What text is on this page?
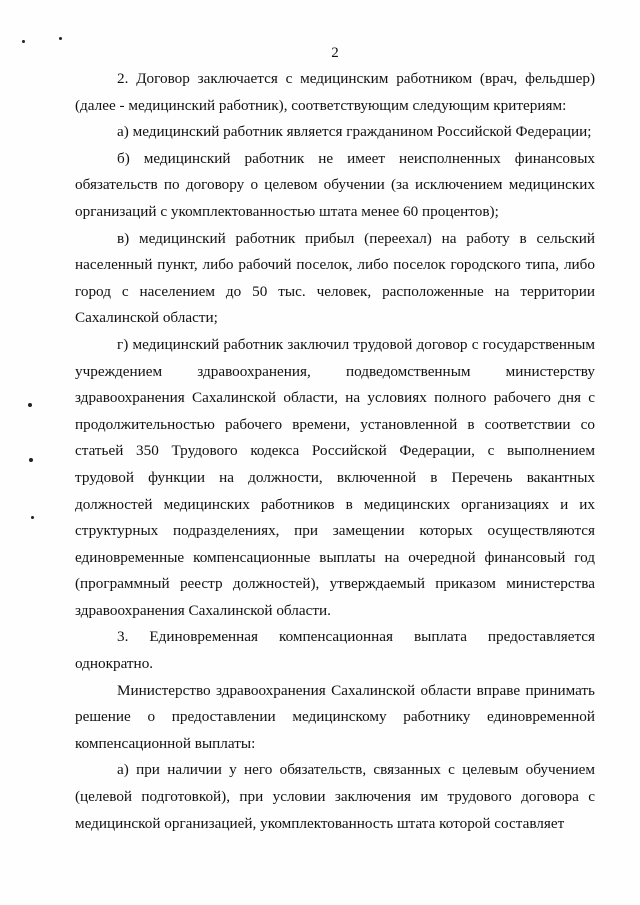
2

2. Договор заключается с медицинским работником (врач, фельдшер) (далее - медицинский работник), соответствующим следующим критериям:

а) медицинский работник является гражданином Российской Федерации;

б) медицинский работник не имеет неисполненных финансовых обязательств по договору о целевом обучении (за исключением медицинских организаций с укомплектованностью штата менее 60 процентов);

в) медицинский работник прибыл (переехал) на работу в сельский населенный пункт, либо рабочий поселок, либо поселок городского типа, либо город с населением до 50 тыс. человек, расположенные на территории Сахалинской области;

г) медицинский работник заключил трудовой договор с государственным учреждением здравоохранения, подведомственным министерству здравоохранения Сахалинской области, на условиях полного рабочего дня с продолжительностью рабочего времени, установленной в соответствии со статьей 350 Трудового кодекса Российской Федерации, с выполнением трудовой функции на должности, включенной в Перечень вакантных должностей медицинских работников в медицинских организациях и их структурных подразделениях, при замещении которых осуществляются единовременные компенсационные выплаты на очередной финансовый год (программный реестр должностей), утверждаемый приказом министерства здравоохранения Сахалинской области.

3. Единовременная компенсационная выплата предоставляется однократно.

Министерство здравоохранения Сахалинской области вправе принимать решение о предоставлении медицинскому работнику единовременной компенсационной выплаты:

а) при наличии у него обязательств, связанных с целевым обучением (целевой подготовкой), при условии заключения им трудового договора с медицинской организацией, укомплектованность штата которой составляет
